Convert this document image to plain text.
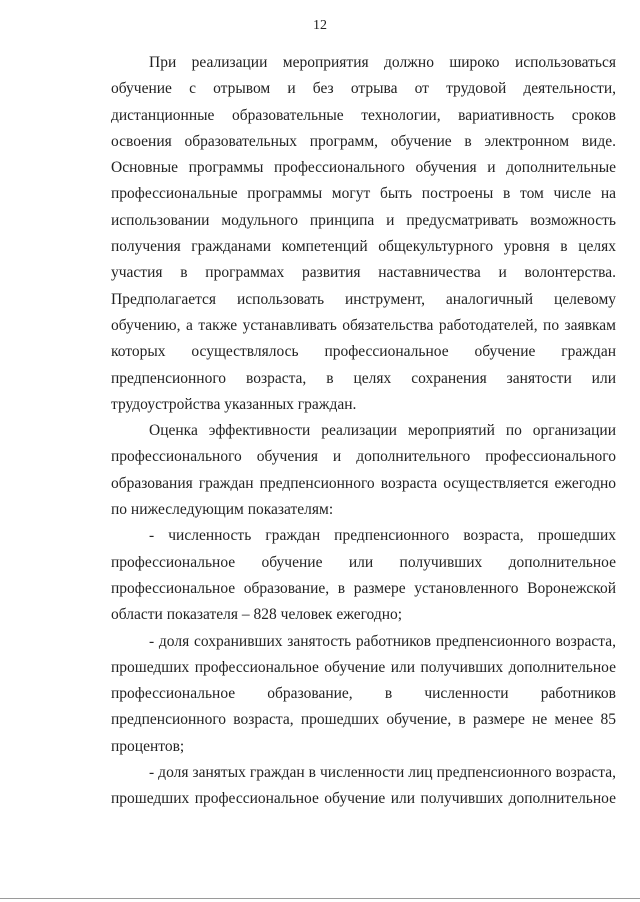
12

При реализации мероприятия должно широко использоваться обучение с отрывом и без отрыва от трудовой деятельности, дистанционные образовательные технологии, вариативность сроков освоения образовательных программ, обучение в электронном виде. Основные программы профессионального обучения и дополнительные профессиональные программы могут быть построены в том числе на использовании модульного принципа и предусматривать возможность получения гражданами компетенций общекультурного уровня в целях участия в программах развития наставничества и волонтерства. Предполагается использовать инструмент, аналогичный целевому обучению, а также устанавливать обязательства работодателей, по заявкам которых осуществлялось профессиональное обучение граждан предпенсионного возраста, в целях сохранения занятости или трудоустройства указанных граждан.

Оценка эффективности реализации мероприятий по организации профессионального обучения и дополнительного профессионального образования граждан предпенсионного возраста осуществляется ежегодно по нижеследующим показателям:

- численность граждан предпенсионного возраста, прошедших профессиональное обучение или получивших дополнительное профессиональное образование, в размере установленного Воронежской области показателя – 828 человек ежегодно;

- доля сохранивших занятость работников предпенсионного возраста, прошедших профессиональное обучение или получивших дополнительное профессиональное образование, в численности работников предпенсионного возраста, прошедших обучение, в размере не менее 85 процентов;

- доля занятых граждан в численности лиц предпенсионного возраста, прошедших профессиональное обучение или получивших дополнительное
